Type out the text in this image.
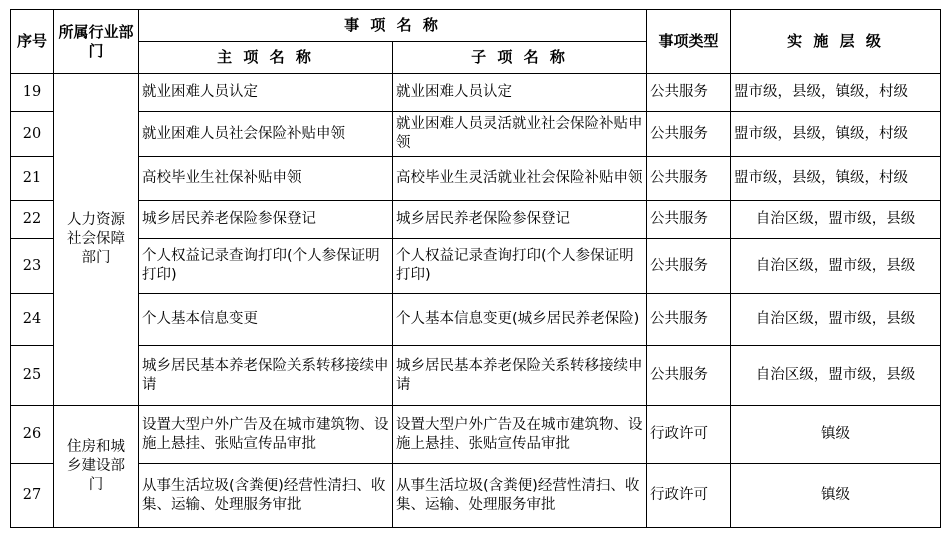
序号	所属行业部　门	事 项 名 称		事项类型	实 施 层 级
		主 项 名 称	子 项 名 称		
19	人力资源社会保障部门	就业困难人员认定	就业困难人员认定	公共服务	盟市级，县级，镇级，村级
20		就业困难人员社会保险补贴申领	就业困难人员灵活就业社会保险补贴申领	公共服务	盟市级，县级，镇级，村级
21		高校毕业生社保补贴申领	高校毕业生灵活就业社会保险补贴申领	公共服务	盟市级，县级，镇级，村级
22		城乡居民养老保险参保登记	城乡居民养老保险参保登记	公共服务	自治区级，盟市级，县级
23		个人权益记录查询打印(个人参保证明打印)	个人权益记录查询打印(个人参保证明打印)	公共服务	自治区级，盟市级，县级
24		个人基本信息变更	个人基本信息变更(城乡居民养老保险)	公共服务	自治区级，盟市级，县级
25		城乡居民基本养老保险关系转移接续申请	城乡居民基本养老保险关系转移接续申请	公共服务	自治区级，盟市级，县级
26	住房和城乡建设部门	设置大型户外广告及在城市建筑物、设施上悬挂、张贴宣传品审批	设置大型户外广告及在城市建筑物、设施上悬挂、张贴宣传品审批	行政许可	镇级
27		从事生活垃圾(含粪便)经营性清扫、收集、运输、处理服务审批	从事生活垃圾(含粪便)经营性清扫、收集、运输、处理服务审批	行政许可	镇级
